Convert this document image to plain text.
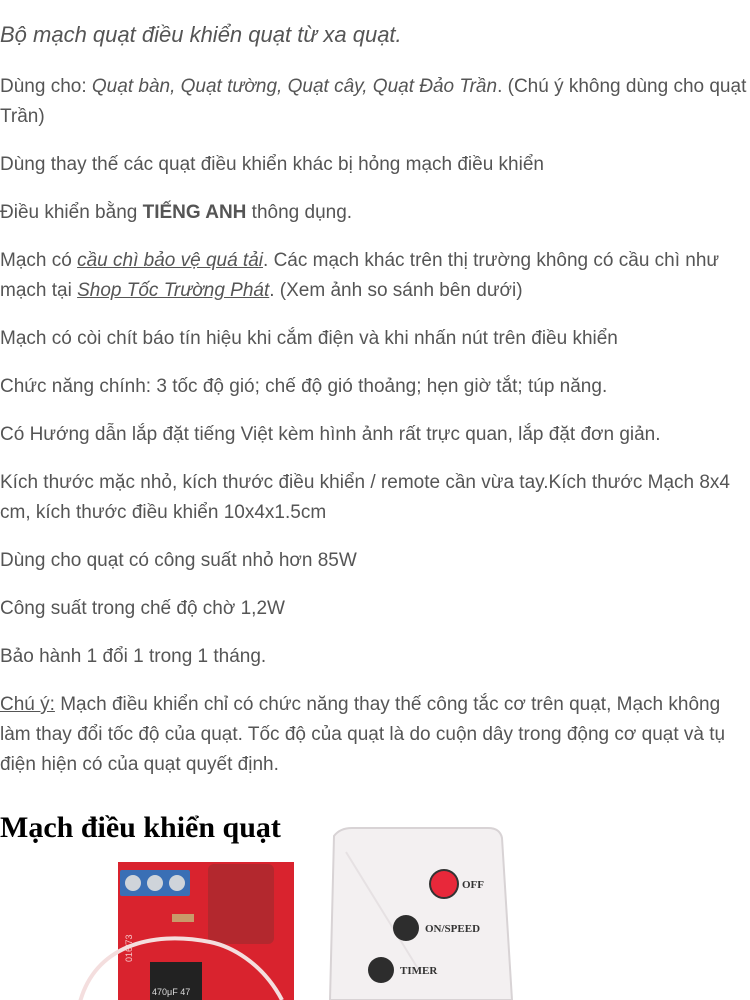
Bộ mạch quạt điều khiển quạt từ xa quạt.

Dùng cho: Quạt bàn, Quạt tường, Quạt cây, Quạt Đảo Trần. (Chú ý không dùng cho quạt Trần)

Dùng thay thế các quạt điều khiển khác bị hỏng mạch điều khiển

Điều khiển bằng TIẾNG ANH thông dụng.

Mạch có cầu chì bảo vệ quá tải. Các mạch khác trên thị trường không có cầu chì như mạch tại Shop Tốc Trường Phát. (Xem ảnh so sánh bên dưới)

Mạch có còi chít báo tín hiệu khi cắm điện và khi nhấn nút trên điều khiển

Chức năng chính: 3 tốc độ gió; chế độ gió thoảng; hẹn giờ tắt; túp năng.

Có Hướng dẫn lắp đặt tiếng Việt kèm hình ảnh rất trực quan, lắp đặt đơn giản.

Kích thước mặc nhỏ, kích thước điều khiển / remote cần vừa tay.Kích thước Mạch 8x4 cm, kích thước điều khiển 10x4x1.5cm

Dùng cho quạt có công suất nhỏ hơn 85W

Công suất trong chế độ chờ 1,2W

Bảo hành 1 đổi 1 trong 1 tháng.

Chú ý: Mạch điều khiển chỉ có chức năng thay thế công tắc cơ trên quạt, Mạch không làm thay đổi tốc độ của quạt. Tốc độ của quạt là do cuộn dây trong động cơ quạt và tụ điện hiện có của quạt quyết định.

Mạch điều khiển quạt
470μF 47
016/73
OFF
ON/SPEED
TIMER
